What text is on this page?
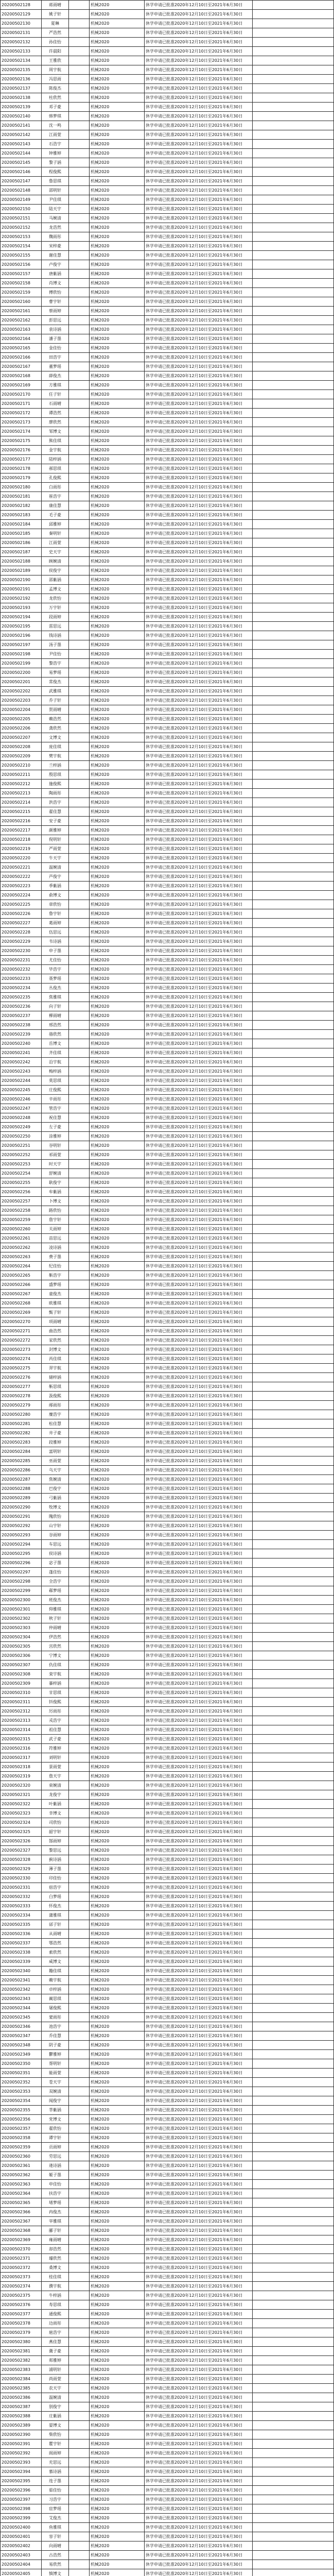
20200502128	蒋雨晴		机械2020	休学申请已批准2020年12月10日至2021年6月30日	
20200502129	姚子轩		机械2020	休学申请已批准2020年12月10日至2021年6月30日	
20200502130	夏琳		机械2020	休学申请已批准2020年12月10日至2021年6月30日	
20200502131	严浩然		机械2020	休学申请已批准2020年12月10日至2021年6月30日	
20200502132	孙佳怡		机械2020	休学申请已批准2020年12月10日至2021年6月30日	
20200502133	许晨阳		机械2020	休学申请已批准2020年12月10日至2021年6月30日	
20200502134	王雅欣		机械2020	休学申请已批准2020年12月10日至2021年6月30日	
20200502135	周宇航		机械2020	休学申请已批准2020年12月10日至2021年6月30日	
20200502136	冯思雨		机械2020	休学申请已批准2020年12月10日至2021年6月30日	
20200502137	陈俊杰		机械2020	休学申请已批准2020年12月10日至2021年6月30日	
20200502138	杜欣然		机械2020	休学申请已批准2020年12月10日至2021年6月30日	
20200502139	邓子豪		机械2020	休学申请已批准2020年12月10日至2021年6月30日	
20200502140	韩梦琪		机械2020	休学申请已批准2020年12月10日至2021年6月30日	
20200502141	沈一鸣		机械2020	休学申请已批准2020年12月10日至2021年6月30日	
20200502142	江雨萱		机械2020	休学申请已批准2020年12月10日至2021年6月30日	
20200502143	石浩宇		机械2020	休学申请已批准2020年12月10日至2021年6月30日	
20200502144	钟雅婷		机械2020	休学申请已批准2020年12月10日至2021年6月30日	
20200502145	黎子涵		机械2020	休学申请已批准2020年12月10日至2021年6月30日	
20200502146	程俊熙		机械2020	休学申请已批准2020年12月10日至2021年6月30日	
20200502147	鲁思琪		机械2020	休学申请已批准2020年12月10日至2021年6月30日	
20200502148	邵明轩		机械2020	休学申请已批准2020年12月10日至2021年6月30日	
20200502149	尹佳琪		机械2020	休学申请已批准2020年12月10日至2021年6月30日	
20200502150	陆天宇		机械2020	休学申请已批准2020年12月10日至2021年6月30日	
20200502151	马婉清		机械2020	休学申请已批准2020年12月10日至2021年6月30日	
20200502152	龙浩然		机械2020	休学申请已批准2020年12月10日至2021年6月30日	
20200502153	魏雨彤		机械2020	休学申请已批准2020年12月10日至2021年6月30日	
20200502154	宋梓豪		机械2020	休学申请已批准2020年12月10日至2021年6月30日	
20200502155	谢佳慧		机械2020	休学申请已批准2020年12月10日至2021年6月30日	
20200502156	卢俊宇		机械2020	休学申请已批准2020年12月10日至2021年6月30日	
20200502157	唐紫涵		机械2020	休学申请已批准2020年12月10日至2021年6月30日	
20200502158	肖博文		机械2020	休学申请已批准2020年12月10日至2021年6月30日	
20200502159	傅欣怡		机械2020	休学申请已批准2020年12月10日至2021年6月30日	
20200502160	曹宇轩		机械2020	休学申请已批准2020年12月10日至2021年6月30日	
20200502161	蔡雨婷		机械2020	休学申请已批准2020年12月10日至2021年6月30日	
20200502162	彭思远		机械2020	休学申请已批准2020年12月10日至2021年6月30日	
20200502163	袁诗涵		机械2020	休学申请已批准2020年12月10日至2021年6月30日	
20200502164	潘子墨		机械2020	休学申请已批准2020年12月10日至2021年6月30日	
20200502165	金佳怡		机械2020	休学申请已批准2020年12月10日至2021年6月30日	
20200502166	田浩宇		机械2020	休学申请已批准2020年12月10日至2021年6月30日	
20200502167	董梦瑶		机械2020	休学申请已批准2020年12月10日至2021年6月30日	
20200502168	薛俊杰		机械2020	休学申请已批准2020年12月10日至2021年6月30日	
20200502169	方雅琪		机械2020	休学申请已批准2020年12月10日至2021年6月30日	
20200502170	任子轩		机械2020	休学申请已批准2020年12月10日至2021年6月30日	
20200502171	石雨晴		机械2020	休学申请已批准2020年12月10日至2021年6月30日	
20200502172	谭浩然		机械2020	休学申请已批准2020年12月10日至2021年6月30日	
20200502173	廖欣然		机械2020	休学申请已批准2020年12月10日至2021年6月30日	
20200502174	邹博文		机械2020	休学申请已批准2020年12月10日至2021年6月30日	
20200502175	熊佳琪		机械2020	休学申请已批准2020年12月10日至2021年6月30日	
20200502176	金宇航		机械2020	休学申请已批准2020年12月10日至2021年6月30日	
20200502177	陆梓涵		机械2020	休学申请已批准2020年12月10日至2021年6月30日	
20200502178	郝思琪		机械2020	休学申请已批准2020年12月10日至2021年6月30日	
20200502179	孔俊熙		机械2020	休学申请已批准2020年12月10日至2021年6月30日	
20200502180	白雨彤		机械2020	休学申请已批准2020年12月10日至2021年6月30日	
20200502181	崔浩宇		机械2020	休学申请已批准2020年12月10日至2021年6月30日	
20200502182	康佳慧		机械2020	休学申请已批准2020年12月10日至2021年6月30日	
20200502183	毛子豪		机械2020	休学申请已批准2020年12月10日至2021年6月30日	
20200502184	邱雅婷		机械2020	休学申请已批准2020年12月10日至2021年6月30日	
20200502185	秦明轩		机械2020	休学申请已批准2020年12月10日至2021年6月30日	
20200502186	江雨萱		机械2020	休学申请已批准2020年12月10日至2021年6月30日	
20200502187	史天宇		机械2020	休学申请已批准2020年12月10日至2021年6月30日	
20200502188	顾婉清		机械2020	休学申请已批准2020年12月10日至2021年6月30日	
20200502189	侯俊宇		机械2020	休学申请已批准2020年12月10日至2021年6月30日	
20200502190	邵紫涵		机械2020	休学申请已批准2020年12月10日至2021年6月30日	
20200502191	孟博文		机械2020	休学申请已批准2020年12月10日至2021年6月30日	
20200502192	龙欣怡		机械2020	休学申请已批准2020年12月10日至2021年6月30日	
20200502193	万宇轩		机械2020	休学申请已批准2020年12月10日至2021年6月30日	
20200502194	段雨婷		机械2020	休学申请已批准2020年12月10日至2021年6月30日	
20200502195	雷思远		机械2020	休学申请已批准2020年12月10日至2021年6月30日	
20200502196	钱诗涵		机械2020	休学申请已批准2020年12月10日至2021年6月30日	
20200502197	汤子墨		机械2020	休学申请已批准2020年12月10日至2021年6月30日	
20200502198	尹佳怡		机械2020	休学申请已批准2020年12月10日至2021年6月30日	
20200502199	黎浩宇		机械2020	休学申请已批准2020年12月10日至2021年6月30日	
20200502200	易梦瑶		机械2020	休学申请已批准2020年12月10日至2021年6月30日	
20200502201	常俊杰		机械2020	休学申请已批准2020年12月10日至2021年6月30日	
20200502202	武雅琪		机械2020	休学申请已批准2020年12月10日至2021年6月30日	
20200502203	乔子轩		机械2020	休学申请已批准2020年12月10日至2021年6月30日	
20200502204	贺雨晴		机械2020	休学申请已批准2020年12月10日至2021年6月30日	
20200502205	赖浩然		机械2020	休学申请已批准2020年12月10日至2021年6月30日	
20200502206	龚欣然		机械2020	休学申请已批准2020年12月10日至2021年6月30日	
20200502207	文博文		机械2020	休学申请已批准2020年12月10日至2021年6月30日	
20200502208	庞佳琪		机械2020	休学申请已批准2020年12月10日至2021年6月30日	
20200502209	樊宇航		机械2020	休学申请已批准2020年12月10日至2021年6月30日	
20200502210	兰梓涵		机械2020	休学申请已批准2020年12月10日至2021年6月30日	
20200502211	殷思琪		机械2020	休学申请已批准2020年12月10日至2021年6月30日	
20200502212	施俊熙		机械2020	休学申请已批准2020年12月10日至2021年6月30日	
20200502213	陶雨彤		机械2020	休学申请已批准2020年12月10日至2021年6月30日	
20200502214	洪浩宇		机械2020	休学申请已批准2020年12月10日至2021年6月30日	
20200502215	翟佳慧		机械2020	休学申请已批准2020年12月10日至2021年6月30日	
20200502216	安子豪		机械2020	休学申请已批准2020年12月10日至2021年6月30日	
20200502217	颜雅婷		机械2020	休学申请已批准2020年12月10日至2021年6月30日	
20200502218	倪明轩		机械2020	休学申请已批准2020年12月10日至2021年6月30日	
20200502219	严雨萱		机械2020	休学申请已批准2020年12月10日至2021年6月30日	
20200502220	牛天宇		机械2020	休学申请已批准2020年12月10日至2021年6月30日	
20200502221	温婉清		机械2020	休学申请已批准2020年12月10日至2021年6月30日	
20200502222	芦俊宇		机械2020	休学申请已批准2020年12月10日至2021年6月30日	
20200502223	季紫涵		机械2020	休学申请已批准2020年12月10日至2021年6月30日	
20200502224	俞博文		机械2020	休学申请已批准2020年12月10日至2021年6月30日	
20200502225	章欣怡		机械2020	休学申请已批准2020年12月10日至2021年6月30日	
20200502226	鲁宇轩		机械2020	休学申请已批准2020年12月10日至2021年6月30日	
20200502227	葛雨婷		机械2020	休学申请已批准2020年12月10日至2021年6月30日	
20200502228	伍思远		机械2020	休学申请已批准2020年12月10日至2021年6月30日	
20200502229	韦诗涵		机械2020	休学申请已批准2020年12月10日至2021年6月30日	
20200502230	申子墨		机械2020	休学申请已批准2020年12月10日至2021年6月30日	
20200502231	尤佳怡		机械2020	休学申请已批准2020年12月10日至2021年6月30日	
20200502232	毕浩宇		机械2020	休学申请已批准2020年12月10日至2021年6月30日	
20200502233	聂梦瑶		机械2020	休学申请已批准2020年12月10日至2021年6月30日	
20200502234	丛俊杰		机械2020	休学申请已批准2020年12月10日至2021年6月30日	
20200502235	焦雅琪		机械2020	休学申请已批准2020年12月10日至2021年6月30日	
20200502236	向子轩		机械2020	休学申请已批准2020年12月10日至2021年6月30日	
20200502237	柳雨晴		机械2020	休学申请已批准2020年12月10日至2021年6月30日	
20200502238	邢浩然		机械2020	休学申请已批准2020年12月10日至2021年6月30日	
20200502239	骆欣然		机械2020	休学申请已批准2020年12月10日至2021年6月30日	
20200502240	岳博文		机械2020	休学申请已批准2020年12月10日至2021年6月30日	
20200502241	齐佳琪		机械2020	休学申请已批准2020年12月10日至2021年6月30日	
20200502242	沿宇航		机械2020	休学申请已批准2020年12月10日至2021年6月30日	
20200502243	梅梓涵		机械2020	休学申请已批准2020年12月10日至2021年6月30日	
20200502244	莫思琪		机械2020	休学申请已批准2020年12月10日至2021年6月30日	
20200502245	庄俊熙		机械2020	休学申请已批准2020年12月10日至2021年6月30日	
20200502246	辛雨彤		机械2020	休学申请已批准2020年12月10日至2021年6月30日	
20200502247	管浩宇		机械2020	休学申请已批准2020年12月10日至2021年6月30日	
20200502248	祝佳慧		机械2020	休学申请已批准2020年12月10日至2021年6月30日	
20200502249	左子豪		机械2020	休学申请已批准2020年12月10日至2021年6月30日	
20200502250	涂雅婷		机械2020	休学申请已批准2020年12月10日至2021年6月30日	
20200502251	谷明轩		机械2020	休学申请已批准2020年12月10日至2021年6月30日	
20200502252	祁雨萱		机械2020	休学申请已批准2020年12月10日至2021年6月30日	
20200502253	时天宇		机械2020	休学申请已批准2020年12月10日至2021年6月30日	
20200502254	舒婉清		机械2020	休学申请已批准2020年12月10日至2021年6月30日	
20200502255	耿俊宇		机械2020	休学申请已批准2020年12月10日至2021年6月30日	
20200502256	牟紫涵		机械2020	休学申请已批准2020年12月10日至2021年6月30日	
20200502257	卜博文		机械2020	休学申请已批准2020年12月10日至2021年6月30日	
20200502258	路欣怡		机械2020	休学申请已批准2020年12月10日至2021年6月30日	
20200502259	詹宇轩		机械2020	休学申请已批准2020年12月10日至2021年6月30日	
20200502260	关雨婷		机械2020	休学申请已批准2020年12月10日至2021年6月30日	
20200502261	苗思远		机械2020	休学申请已批准2020年12月10日至2021年6月30日	
20200502262	凌诗涵		机械2020	休学申请已批准2020年12月10日至2021年6月30日	
20200502263	费子墨		机械2020	休学申请已批准2020年12月10日至2021年6月30日	
20200502264	纪佳怡		机械2020	休学申请已批准2020年12月10日至2021年6月30日	
20200502265	靳浩宇		机械2020	休学申请已批准2020年12月10日至2021年6月30日	
20200502266	盛梦瑶		机械2020	休学申请已批准2020年12月10日至2021年6月30日	
20200502267	童俊杰		机械2020	休学申请已批准2020年12月10日至2021年6月30日	
20200502268	欧雅琪		机械2020	休学申请已批准2020年12月10日至2021年6月30日	
20200502269	甄子轩		机械2020	休学申请已批准2020年12月10日至2021年6月30日	
20200502270	项雨晴		机械2020	休学申请已批准2020年12月10日至2021年6月30日	
20200502271	曲浩然		机械2020	休学申请已批准2020年12月10日至2021年6月30日	
20200502272	家欣然		机械2020	休学申请已批准2020年12月10日至2021年6月30日	
20200502273	封博文		机械2020	休学申请已批准2020年12月10日至2021年6月30日	
20200502274	芮佳琪		机械2020	休学申请已批准2020年12月10日至2021年6月30日	
20200502275	羿宇航		机械2020	休学申请已批准2020年12月10日至2021年6月30日	
20200502276	储梓涵		机械2020	休学申请已批准2020年12月10日至2021年6月30日	
20200502277	靳思琪		机械2020	休学申请已批准2020年12月10日至2021年6月30日	
20200502278	汲俊熙		机械2020	休学申请已批准2020年12月10日至2021年6月30日	
20200502279	邴雨彤		机械2020	休学申请已批准2020年12月10日至2021年6月30日	
20200502280	糜浩宇		机械2020	休学申请已批准2020年12月10日至2021年6月30日	
20200502281	松佳慧		机械2020	休学申请已批准2020年12月10日至2021年6月30日	
20200502282	井子豪		机械2020	休学申请已批准2020年12月10日至2021年6月30日	
20200502283	段雅婷		机械2020	休学申请已批准2020年12月10日至2021年6月30日	
20200502284	富明轩		机械2020	休学申请已批准2020年12月10日至2021年6月30日	
20200502285	巫雨萱		机械2020	休学申请已批准2020年12月10日至2021年6月30日	
20200502286	乌天宇		机械2020	休学申请已批准2020年12月10日至2021年6月30日	
20200502287	焦婉清		机械2020	休学申请已批准2020年12月10日至2021年6月30日	
20200502288	巴俊宇		机械2020	休学申请已批准2020年12月10日至2021年6月30日	
20200502289	弓紫涵		机械2020	休学申请已批准2020年12月10日至2021年6月30日	
20200502290	牧博文		机械2020	休学申请已批准2020年12月10日至2021年6月30日	
20200502291	隗欣怡		机械2020	休学申请已批准2020年12月10日至2021年6月30日	
20200502292	山宇轩		机械2020	休学申请已批准2020年12月10日至2021年6月30日	
20200502293	谷雨婷		机械2020	休学申请已批准2020年12月10日至2021年6月30日	
20200502294	车思远		机械2020	休学申请已批准2020年12月10日至2021年6月30日	
20200502295	侯诗涵		机械2020	休学申请已批准2020年12月10日至2021年6月30日	
20200502296	宓子墨		机械2020	休学申请已批准2020年12月10日至2021年6月30日	
20200502297	蓬佳怡		机械2020	休学申请已批准2020年12月10日至2021年6月30日	
20200502298	全浩宇		机械2020	休学申请已批准2020年12月10日至2021年6月30日	
20200502299	郗梦瑶		机械2020	休学申请已批准2020年12月10日至2021年6月30日	
20200502300	班俊杰		机械2020	休学申请已批准2020年12月10日至2021年6月30日	
20200502301	仰雅琪		机械2020	休学申请已批准2020年12月10日至2021年6月30日	
20200502302	秋子轩		机械2020	休学申请已批准2020年12月10日至2021年6月30日	
20200502303	仲雨晴		机械2020	休学申请已批准2020年12月10日至2021年6月30日	
20200502304	伊浩然		机械2020	休学申请已批准2020年12月10日至2021年6月30日	
20200502305	宫欣然		机械2020	休学申请已批准2020年12月10日至2021年6月30日	
20200502306	宁博文		机械2020	休学申请已批准2020年12月10日至2021年6月30日	
20200502307	仇佳琪		机械2020	休学申请已批准2020年12月10日至2021年6月30日	
20200502308	栾宇航		机械2020	休学申请已批准2020年12月10日至2021年6月30日	
20200502309	暴梓涵		机械2020	休学申请已批准2020年12月10日至2021年6月30日	
20200502310	甘思琪		机械2020	休学申请已批准2020年12月10日至2021年6月30日	
20200502311	钭俊熙		机械2020	休学申请已批准2020年12月10日至2021年6月30日	
20200502312	厉雨彤		机械2020	休学申请已批准2020年12月10日至2021年6月30日	
20200502313	戎浩宇		机械2020	休学申请已批准2020年12月10日至2021年6月30日	
20200502314	祖佳慧		机械2020	休学申请已批准2020年12月10日至2021年6月30日	
20200502315	武子豪		机械2020	休学申请已批准2020年12月10日至2021年6月30日	
20200502316	符雅婷		机械2020	休学申请已批准2020年12月10日至2021年6月30日	
20200502317	刘明轩		机械2020	休学申请已批准2020年12月10日至2021年6月30日	
20200502318	景雨萱		机械2020	休学申请已批准2020年12月10日至2021年6月30日	
20200502319	詹天宇		机械2020	休学申请已批准2020年12月10日至2021年6月30日	
20200502320	束婉清		机械2020	休学申请已批准2020年12月10日至2021年6月30日	
20200502321	龙俊宇		机械2020	休学申请已批准2020年12月10日至2021年6月30日	
20200502322	叶紫涵		机械2020	休学申请已批准2020年12月10日至2021年6月30日	
20200502323	幸博文		机械2020	休学申请已批准2020年12月10日至2021年6月30日	
20200502324	司欣怡		机械2020	休学申请已批准2020年12月10日至2021年6月30日	
20200502325	韶宇轩		机械2020	休学申请已批准2020年12月10日至2021年6月30日	
20200502326	郜雨婷		机械2020	休学申请已批准2020年12月10日至2021年6月30日	
20200502327	黎思远		机械2020	休学申请已批准2020年12月10日至2021年6月30日	
20200502328	蓟诗涵		机械2020	休学申请已批准2020年12月10日至2021年6月30日	
20200502329	薄子墨		机械2020	休学申请已批准2020年12月10日至2021年6月30日	
20200502330	印佳怡		机械2020	休学申请已批准2020年12月10日至2021年6月30日	
20200502331	宿浩宇		机械2020	休学申请已批准2020年12月10日至2021年6月30日	
20200502332	白梦瑶		机械2020	休学申请已批准2020年12月10日至2021年6月30日	
20200502333	怀俊杰		机械2020	休学申请已批准2020年12月10日至2021年6月30日	
20200502334	蒲雅琪		机械2020	休学申请已批准2020年12月10日至2021年6月30日	
20200502335	邰子轩		机械2020	休学申请已批准2020年12月10日至2021年6月30日	
20200502336	从雨晴		机械2020	休学申请已批准2020年12月10日至2021年6月30日	
20200502337	鄂浩然		机械2020	休学申请已批准2020年12月10日至2021年6月30日	
20200502338	索欣然		机械2020	休学申请已批准2020年12月10日至2021年6月30日	
20200502339	咸博文		机械2020	休学申请已批准2020年12月10日至2021年6月30日	
20200502340	籍佳琪		机械2020	休学申请已批准2020年12月10日至2021年6月30日	
20200502341	赖宇航		机械2020	休学申请已批准2020年12月10日至2021年6月30日	
20200502342	卓梓涵		机械2020	休学申请已批准2020年12月10日至2021年6月30日	
20200502343	蔺思琪		机械2020	休学申请已批准2020年12月10日至2021年6月30日	
20200502344	屠俊熙		机械2020	休学申请已批准2020年12月10日至2021年6月30日	
20200502345	蒙雨彤		机械2020	休学申请已批准2020年12月10日至2021年6月30日	
20200502346	池浩宇		机械2020	休学申请已批准2020年12月10日至2021年6月30日	
20200502347	乔佳慧		机械2020	休学申请已批准2020年12月10日至2021年6月30日	
20200502348	阴子豪		机械2020	休学申请已批准2020年12月10日至2021年6月30日	
20200502349	鬱雅婷		机械2020	休学申请已批准2020年12月10日至2021年6月30日	
20200502350	胥明轩		机械2020	休学申请已批准2020年12月10日至2021年6月30日	
20200502351	能雨萱		机械2020	休学申请已批准2020年12月10日至2021年6月30日	
20200502352	苍天宇		机械2020	休学申请已批准2020年12月10日至2021年6月30日	
20200502353	双婉清		机械2020	休学申请已批准2020年12月10日至2021年6月30日	
20200502354	闻俊宇		机械2020	休学申请已批准2020年12月10日至2021年6月30日	
20200502355	莘紫涵		机械2020	休学申请已批准2020年12月10日至2021年6月30日	
20200502356	党博文		机械2020	休学申请已批准2020年12月10日至2021年6月30日	
20200502357	翟欣怡		机械2020	休学申请已批准2020年12月10日至2021年6月30日	
20200502358	谭宇轩		机械2020	休学申请已批准2020年12月10日至2021年6月30日	
20200502359	贡雨婷		机械2020	休学申请已批准2020年12月10日至2021年6月30日	
20200502360	劳思远		机械2020	休学申请已批准2020年12月10日至2021年6月30日	
20200502361	逄诗涵		机械2020	休学申请已批准2020年12月10日至2021年6月30日	
20200502362	姬子墨		机械2020	休学申请已批准2020年12月10日至2021年6月30日	
20200502363	申佳怡		机械2020	休学申请已批准2020年12月10日至2021年6月30日	
20200502364	扶浩宇		机械2020	休学申请已批准2020年12月10日至2021年6月30日	
20200502365	堵梦瑶		机械2020	休学申请已批准2020年12月10日至2021年6月30日	
20200502366	冉俊杰		机械2020	休学申请已批准2020年12月10日至2021年6月30日	
20200502367	宰雅琪		机械2020	休学申请已批准2020年12月10日至2021年6月30日	
20200502368	郦子轩		机械2020	休学申请已批准2020年12月10日至2021年6月30日	
20200502369	雍雨晴		机械2020	休学申请已批准2020年12月10日至2021年6月30日	
20200502370	却浩然		机械2020	休学申请已批准2020年12月10日至2021年6月30日	
20200502371	璩欣然		机械2020	休学申请已批准2020年12月10日至2021年6月30日	
20200502372	桑博文		机械2020	休学申请已批准2020年12月10日至2021年6月30日	
20200502373	桂佳琪		机械2020	休学申请已批准2020年12月10日至2021年6月30日	
20200502374	濮宇航		机械2020	休学申请已批准2020年12月10日至2021年6月30日	
20200502375	牛梓涵		机械2020	休学申请已批准2020年12月10日至2021年6月30日	
20200502376	寿思琪		机械2020	休学申请已批准2020年12月10日至2021年6月30日	
20200502377	通俊熙		机械2020	休学申请已批准2020年12月10日至2021年6月30日	
20200502378	边雨彤		机械2020	休学申请已批准2020年12月10日至2021年6月30日	
20200502379	扈浩宇		机械2020	休学申请已批准2020年12月10日至2021年6月30日	
20200502380	燕佳慧		机械2020	休学申请已批准2020年12月10日至2021年6月30日	
20200502381	冀子豪		机械2020	休学申请已批准2020年12月10日至2021年6月30日	
20200502382	郏雅婷		机械2020	休学申请已批准2020年12月10日至2021年6月30日	
20200502383	浦明轩		机械2020	休学申请已批准2020年12月10日至2021年6月30日	
20200502384	尚雨萱		机械2020	休学申请已批准2020年12月10日至2021年6月30日	
20200502385	农天宇		机械2020	休学申请已批准2020年12月10日至2021年6月30日	
20200502386	温婉清		机械2020	休学申请已批准2020年12月10日至2021年6月30日	
20200502387	别俊宇		机械2020	休学申请已批准2020年12月10日至2021年6月30日	
20200502388	庄紫涵		机械2020	休学申请已批准2020年12月10日至2021年6月30日	
20200502389	晏博文		机械2020	休学申请已批准2020年12月10日至2021年6月30日	
20200502390	柴欣怡		机械2020	休学申请已批准2020年12月10日至2021年6月30日	
20200502391	瞿宇轩		机械2020	休学申请已批准2020年12月10日至2021年6月30日	
20200502392	阎雨婷		机械2020	休学申请已批准2020年12月10日至2021年6月30日	
20200502393	充思远		机械2020	休学申请已批准2020年12月10日至2021年6月30日	
20200502394	慕诗涵		机械2020	休学申请已批准2020年12月10日至2021年6月30日	
20200502395	连子墨		机械2020	休学申请已批准2020年12月10日至2021年6月30日	
20200502396	茹佳怡		机械2020	休学申请已批准2020年12月10日至2021年6月30日	
20200502397	习浩宇		机械2020	休学申请已批准2020年12月10日至2021年6月30日	
20200502398	宦梦瑶		机械2020	休学申请已批准2020年12月10日至2021年6月30日	
20200502399	艾俊杰		机械2020	休学申请已批准2020年12月10日至2021年6月30日	
20200502400	鱼雅琪		机械2020	休学申请已批准2020年12月10日至2021年6月30日	
20200502401	容子轩		机械2020	休学申请已批准2020年12月10日至2021年6月30日	
20200502402	向雨晴		机械2020	休学申请已批准2020年12月10日至2021年6月30日	
20200502403	古浩然		机械2020	休学申请已批准2020年12月10日至2021年6月30日	
20200502404	易欣然		机械2020	休学申请已批准2020年12月10日至2021年6月30日	
20200502405	慎博文		机械2020	休学申请已批准2020年12月10日至2021年6月30日	
